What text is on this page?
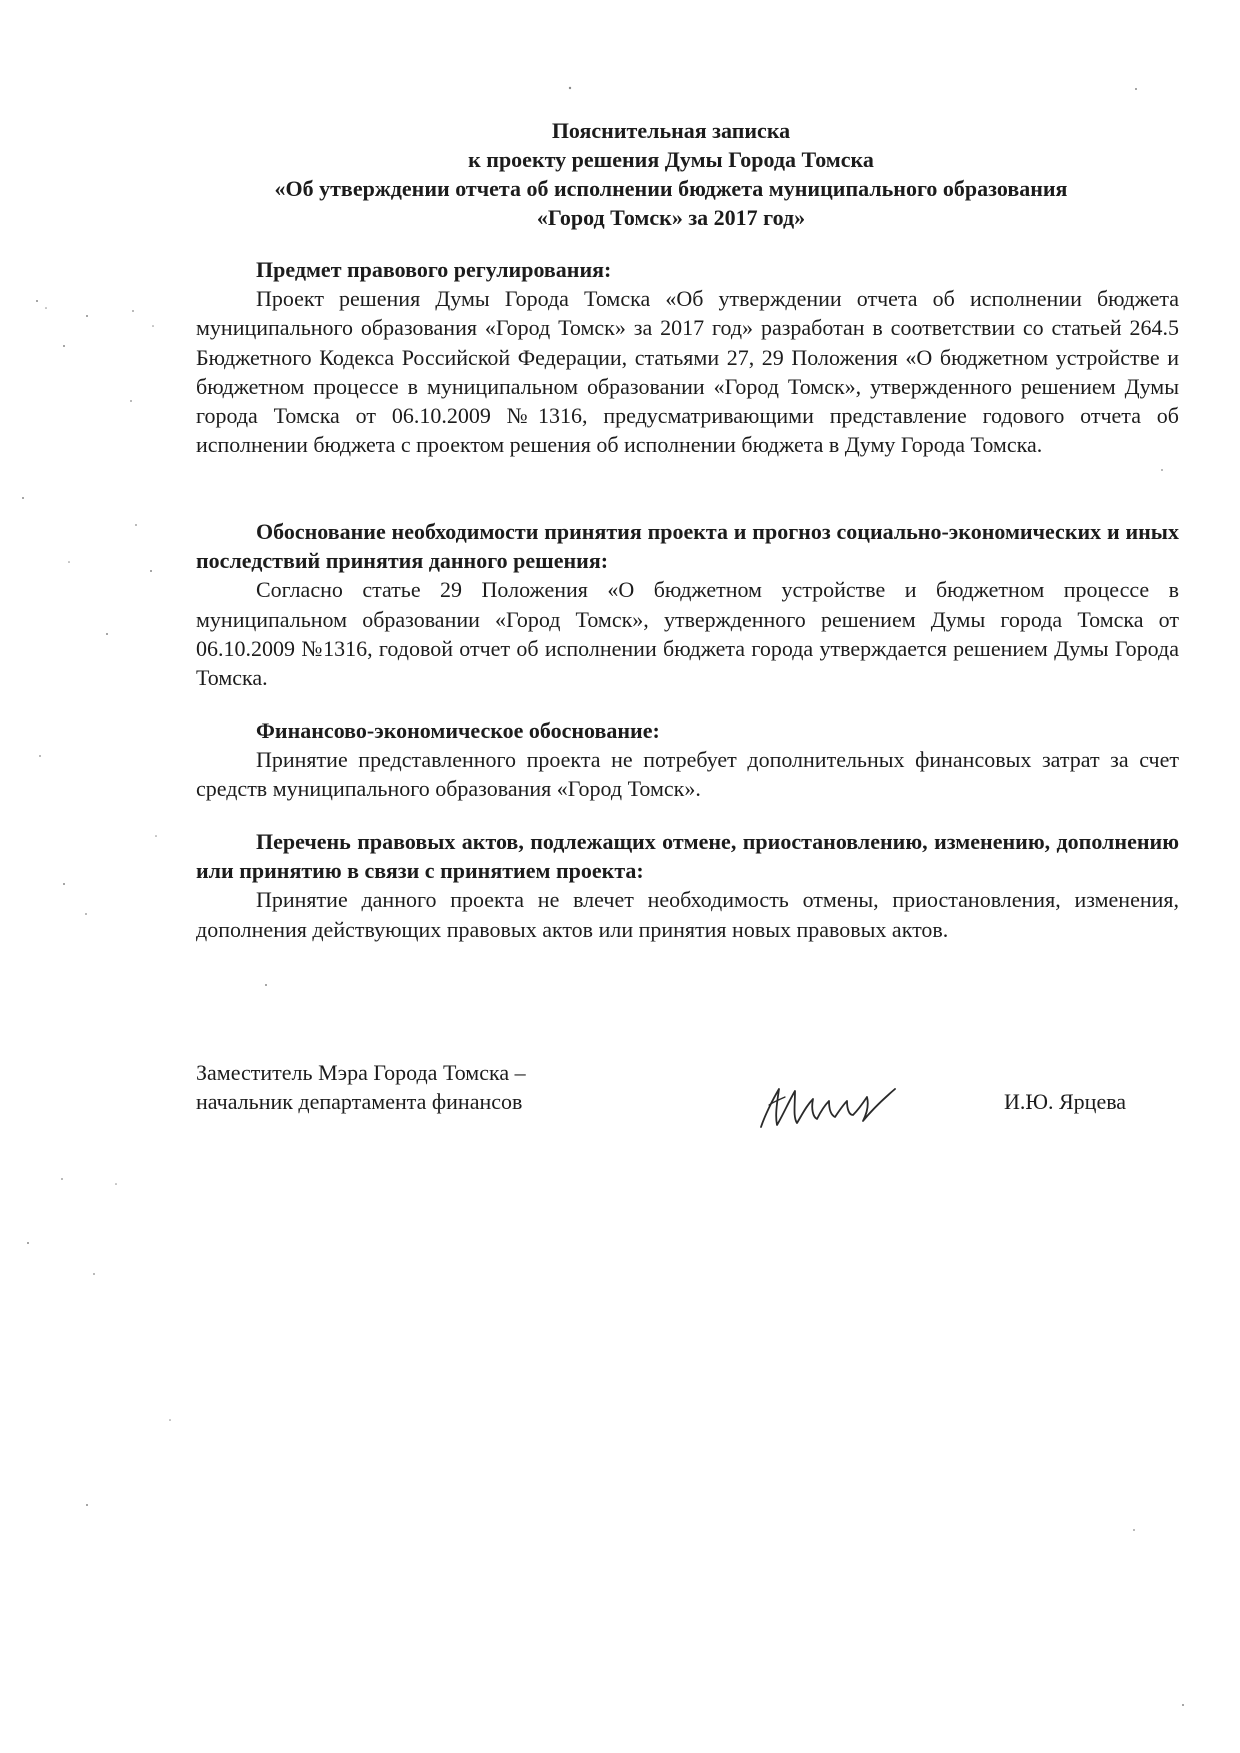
Пояснительная записка
к проекту решения Думы Города Томска
«Об утверждении отчета об исполнении бюджета муниципального образования
«Город Томск» за 2017 год»

Предмет правового регулирования:

Проект решения Думы Города Томска «Об утверждении отчета об исполнении бюджета муниципального образования «Город Томск» за 2017 год» разработан в соответствии со статьей 264.5 Бюджетного Кодекса Российской Федерации, статьями 27, 29 Положения «О бюджетном устройстве и бюджетном процессе в муниципальном образовании «Город Томск», утвержденного решением Думы города Томска от 06.10.2009 №1316, предусматривающими представление годового отчета об исполнении бюджета с проектом решения об исполнении бюджета в Думу Города Томска.

Обоснование необходимости принятия проекта и прогноз социально-экономических и иных последствий принятия данного решения:

Согласно статье 29 Положения «О бюджетном устройстве и бюджетном процессе в муниципальном образовании «Город Томск», утвержденного решением Думы города Томска от 06.10.2009 №1316, годовой отчет об исполнении бюджета города утверждается решением Думы Города Томска.

Финансово-экономическое обоснование:

Принятие представленного проекта не потребует дополнительных финансовых затрат за счет средств муниципального образования «Город Томск».

Перечень правовых актов, подлежащих отмене, приостановлению, изменению, дополнению или принятию в связи с принятием проекта:

Принятие данного проекта не влечет необходимость отмены, приостановления, изменения, дополнения действующих правовых актов или принятия новых правовых актов.

Заместитель Мэра Города Томска –
начальник департамента финансов	И.Ю. Ярцева
